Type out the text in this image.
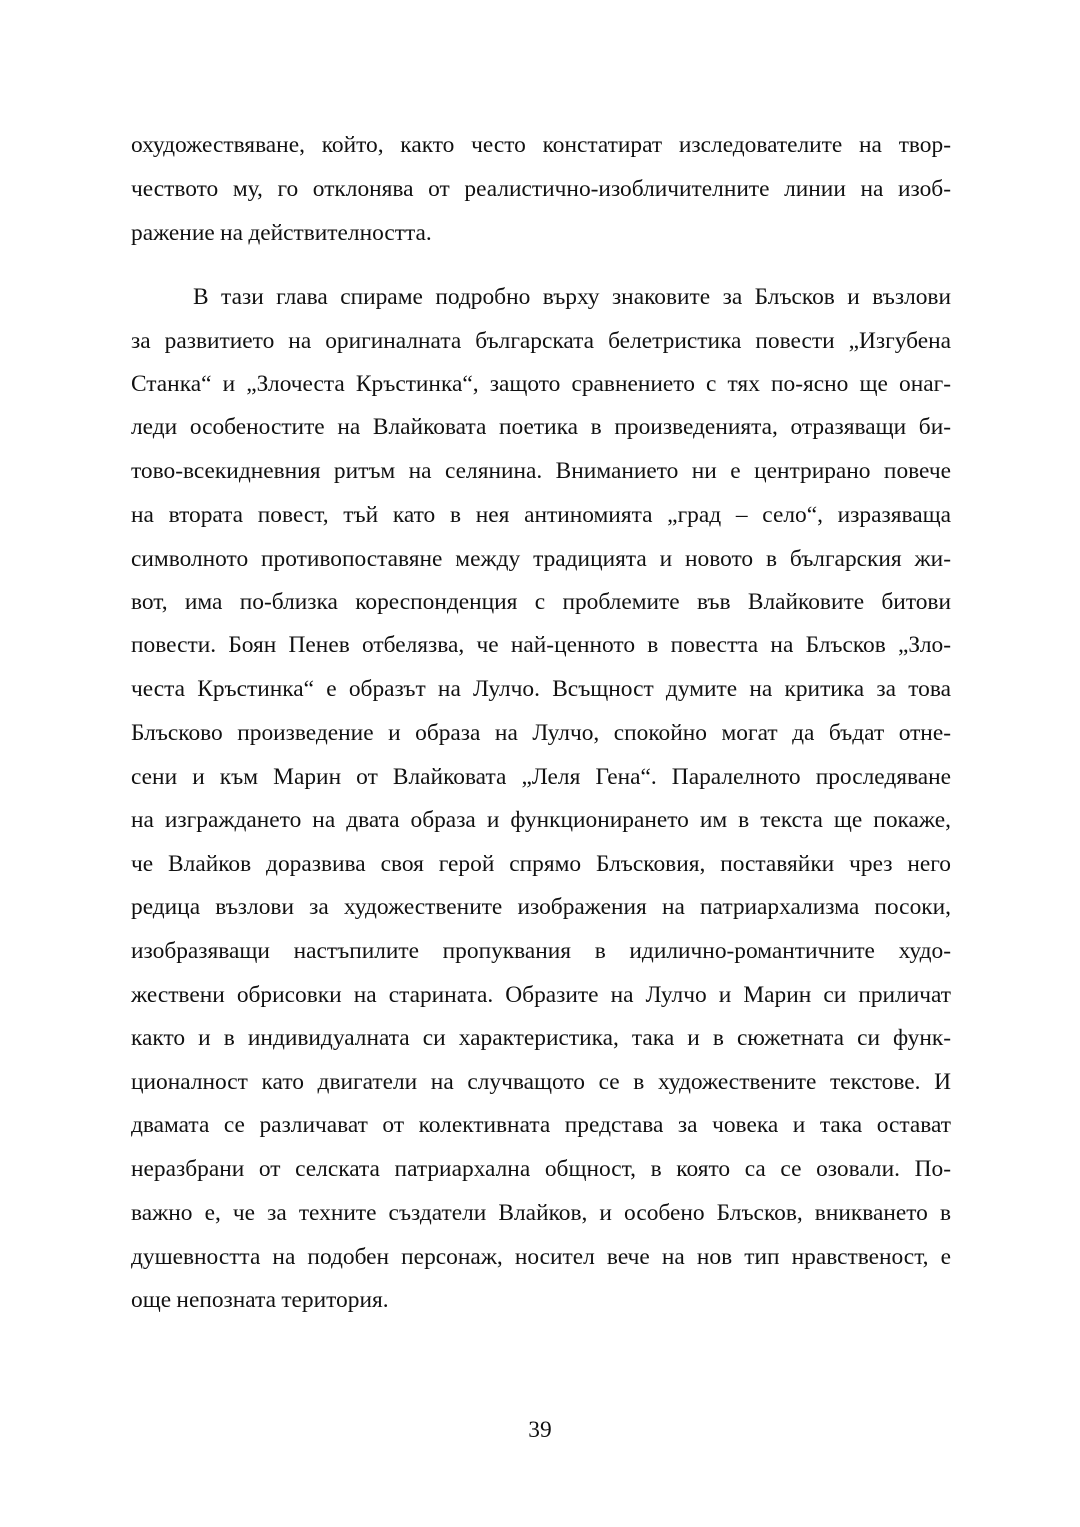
охудожествяване, който, както често констатират изследователите на твор-
чеството му, го отклонява от реалистично-изобличителните линии на изоб-
ражение на действителността.
В тази глава спираме подробно върху знаковите за Блъсков и възлови
за развитието на оригиналната българската белетристика повести „Изгубена
Станка“ и „Злочеста Кръстинка“, защото сравнението с тях по-ясно ще онаг-
леди особеностите на Влайковата поетика в произведенията, отразяващи би-
тово-всекидневния ритъм на селянина. Вниманието ни е центрирано повече
на втората повест, тъй като в нея антиномията „град – село“, изразяваща
символното противопоставяне между традицията и новото в българския жи-
вот, има по-близка кореспонденция с проблемите във Влайковите битови
повести. Боян Пенев отбелязва, че най-ценното в повестта на Блъсков „Зло-
честа Кръстинка“ е образът на Лулчо. Всъщност думите на критика за това
Блъсково произведение и образа на Лулчо, спокойно могат да бъдат отне-
сени и към Марин от Влайковата „Леля Гена“. Паралелното проследяване
на изграждането на двата образа и функционирането им в текста ще покаже,
че Влайков доразвива своя герой спрямо Блъсковия, поставяйки чрез него
редица възлови за художествените изображения на патриархализма посоки,
изобразяващи настъпилите пропуквания в идилично-романтичните худо-
жествени обрисовки на старината. Образите на Лулчо и Марин си приличат
както и в индивидуалната си характеристика, така и в сюжетната си функ-
ционалност като двигатели на случващото се в художествените текстове. И
двамата се различават от колективната представа за човека и така остават
неразбрани от селската патриархална общност, в която са се озовали. По-
важно е, че за техните създатели Влайков, и особено Блъсков, вникването в
душевността на подобен персонаж, носител вече на нов тип нравственост, е
още непозната територия.
39
